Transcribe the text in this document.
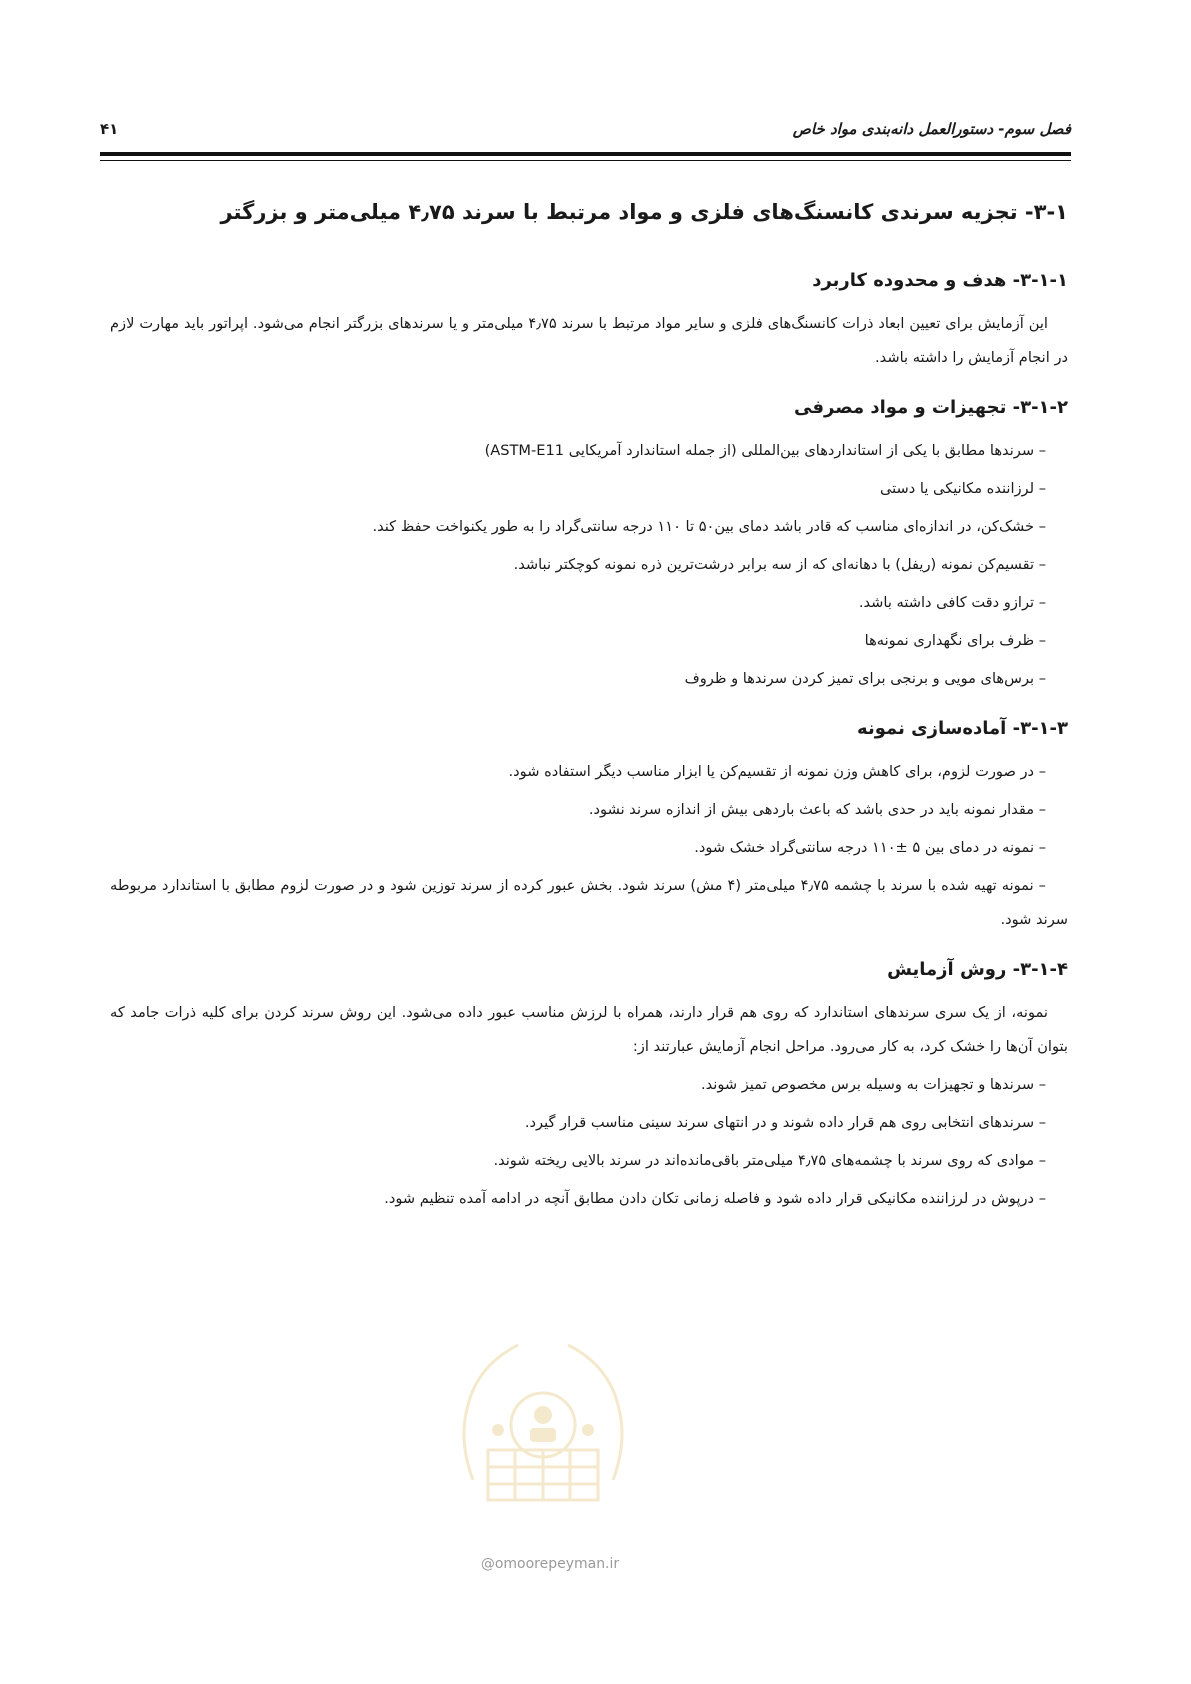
فصل سوم- دستورالعمل دانه‌بندی مواد خاص
۴۱
۳-۱- تجزیه سرندی کانسنگ‌های فلزی و مواد مرتبط با سرند ۴٫۷۵ میلی‌متر و بزرگتر
۳-۱-۱- هدف و محدوده کاربرد
این آزمایش برای تعیین ابعاد ذرات کانسنگ‌های فلزی و سایر مواد مرتبط با سرند ۴٫۷۵ میلی‌متر و یا سرندهای بزرگتر انجام می‌شود. اپراتور باید مهارت لازم در انجام آزمایش را داشته باشد.
۳-۱-۲- تجهیزات و مواد مصرفی
– سرندها مطابق با یکی از استانداردهای بین‌المللی (از جمله استاندارد آمریکایی ASTM-E11)
– لرزاننده مکانیکی یا دستی
– خشک‌کن، در اندازه‌ای مناسب که قادر باشد دمای بین۵۰ تا ۱۱۰ درجه سانتی‌گراد را به طور یکنواخت حفظ کند.
– تقسیم‌کن نمونه (ریفل) با دهانه‌ای که از سه برابر درشت‌ترین ذره نمونه کوچکتر نباشد.
– ترازو دقت کافی داشته باشد.
– ظرف برای نگهداری نمونه‌ها
– برس‌های مویی و برنجی برای تمیز کردن سرندها و ظروف
۳-۱-۳- آماده‌سازی نمونه
– در صورت لزوم، برای کاهش وزن نمونه از تقسیم‌کن یا ابزار مناسب دیگر استفاده شود.
– مقدار نمونه باید در حدی باشد که باعث باردهی بیش از اندازه سرند نشود.
– نمونه در دمای بین ۵ ±۱۱۰ درجه سانتی‌گراد خشک شود.
– نمونه تهیه شده با سرند با چشمه ۴٫۷۵ میلی‌متر (۴ مش) سرند شود. بخش عبور کرده از سرند توزین شود و در صورت لزوم مطابق با استاندارد مربوطه سرند شود.
۳-۱-۴- روش آزمایش
نمونه، از یک سری سرندهای استاندارد که روی هم قرار دارند، همراه با لرزش مناسب عبور داده می‌شود. این روش سرند کردن برای کلیه ذرات جامد که بتوان آن‌ها را خشک کرد، به کار می‌رود. مراحل انجام آزمایش عبارتند از:
– سرندها و تجهیزات به وسیله برس مخصوص تمیز شوند.
– سرندهای انتخابی روی هم قرار داده شوند و در انتهای سرند سینی مناسب قرار گیرد.
– موادی که روی سرند با چشمه‌های ۴٫۷۵ میلی‌متر باقی‌مانده‌اند در سرند بالایی ریخته شوند.
– درپوش در لرزاننده مکانیکی قرار داده شود و فاصله زمانی تکان دادن مطابق آنچه در ادامه آمده تنظیم شود.
@omoorepeyman.ir
